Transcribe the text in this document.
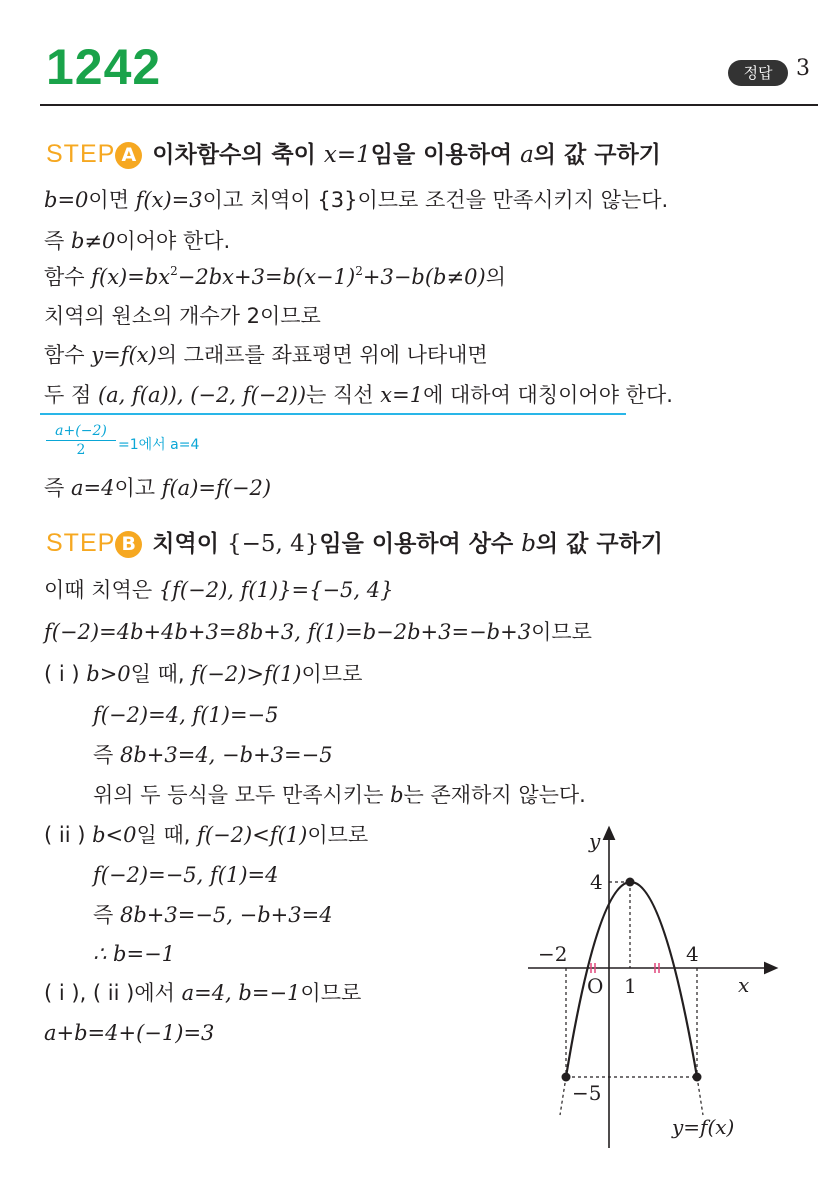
1242	정답	3
STEP A 이차함수의 축이 x=1임을 이용하여 a의 값 구하기
b=0이면 f(x)=3이고 치역이 {3}이므로 조건을 만족시키지 않는다.
즉 b≠0이어야 한다.
함수 $f(x)=bx^2-2bx+3=b(x-1)^2+3-b(b\ne 0)$의
치역의 원소의 개수가 2이므로
함수 y=f(x)의 그래프를 좌표평면 위에 나타내면
두 점 (a, f(a)), (−2, f(−2))는 직선 x=1에 대하여 대칭이어야 한다.
$\frac{a+(-2)}{2} =1$에서 a=4
즉 a=4이고 f(a)=f(−2)
STEP B 치역이 {−5, 4}임을 이용하여 상수 b의 값 구하기
이때 치역은 {f(−2), f(1)}={−5, 4}
f(−2)=4b+4b+3=8b+3, f(1)=b−2b+3=−b+3이므로
( i ) b>0일 때, f(−2)>f(1)이므로
f(−2)=4, f(1)=−5
즉 8b+3=4, −b+3=−5
위의 두 등식을 모두 만족시키는 b는 존재하지 않는다.
( ii ) b<0일 때, f(−2)<f(1)이므로
f(−2)=−5, f(1)=4
즉 8b+3=−5, −b+3=4
∴ b=−1
( i ), ( ii )에서 a=4, b=−1이므로
a+b=4+(−1)=3
y
x
O
4
−2
1
4
−5
y=f(x)
